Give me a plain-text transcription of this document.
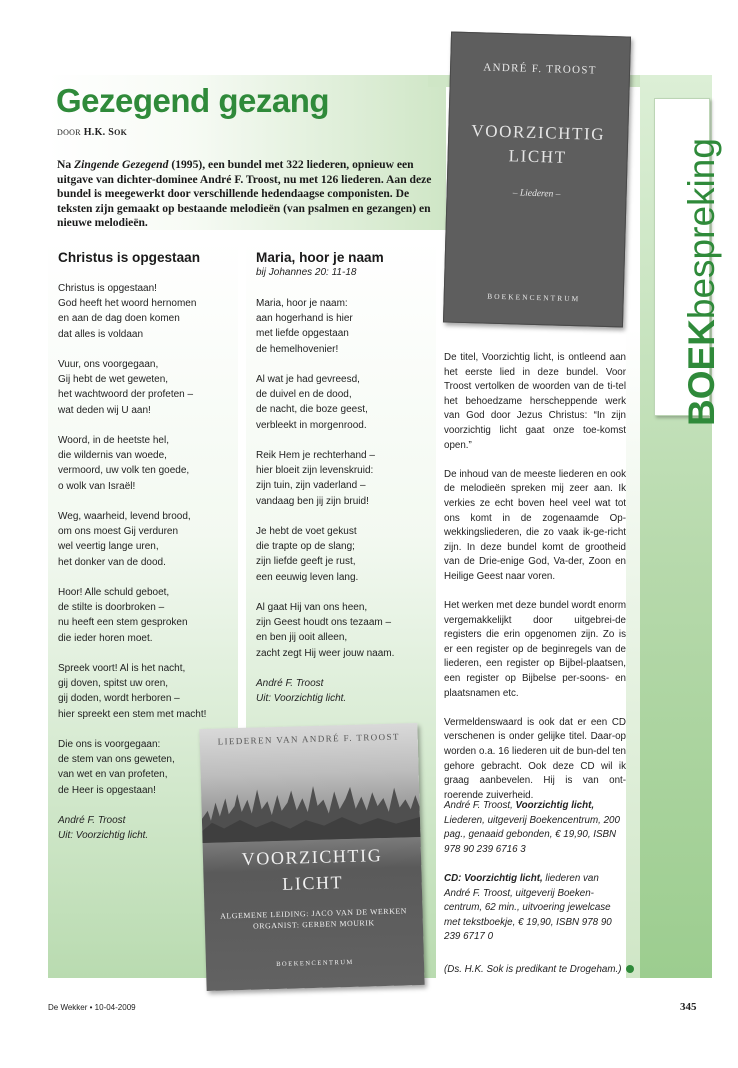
Gezegend gezang
DOOR H.K. SOK

Na Zingende Gezegend (1995), een bundel met 322 liederen, opnieuw een uitgave van dichter-dominee André F. Troost, nu met 126 liederen. Aan deze bundel is meegewerkt door verschillende hedendaagse componisten. De teksten zijn gemaakt op bestaande melodieën (van psalmen en gezangen) en nieuwe melodieën.

Christus is opgestaan
Christus is opgestaan!
God heeft het woord hernomen
en aan de dag doen komen
dat alles is voldaan
Vuur, ons voorgegaan,
Gij hebt de wet geweten,
het wachtwoord der profeten –
wat deden wij U aan!
Woord, in de heetste hel,
die wildernis van woede,
vermoord, uw volk ten goede,
o wolk van Israël!
Weg, waarheid, levend brood,
om ons moest Gij verduren
wel veertig lange uren,
het donker van de dood.
Hoor! Alle schuld geboet,
de stilte is doorbroken –
nu heeft een stem gesproken
die ieder horen moet.
Spreek voort! Al is het nacht,
gij doven, spitst uw oren,
gij doden, wordt herboren –
hier spreekt een stem met macht!
Die ons is voorgegaan:
de stem van ons geweten,
van wet en van profeten,
de Heer is opgestaan!
André F. Troost
Uit: Voorzichtig licht.
Maria, hoor je naam
bij Johannes 20: 11-18
Maria, hoor je naam:
aan hogerhand is hier
met liefde opgestaan
de hemelhovenier!
Al wat je had gevreesd,
de duivel en de dood,
de nacht, die boze geest,
verbleekt in morgenrood.
Reik Hem je rechterhand –
hier bloeit zijn levenskruid:
zijn tuin, zijn vaderland –
vandaag ben jij zijn bruid!
Je hebt de voet gekust
die trapte op de slang;
zijn liefde geeft je rust,
een eeuwig leven lang.
Al gaat Hij van ons heen,
zijn Geest houdt ons tezaam –
en ben jij ooit alleen,
zacht zegt Hij weer jouw naam.
André F. Troost
Uit: Voorzichtig licht.
ANDRÉ F. TROOST
VOORZICHTIG
LICHT
– Liederen –
BOEKENCENTRUM
LIEDEREN VAN ANDRÉ F. TROOST
VOORZICHTIG
LICHT
ALGEMENE LEIDING: JACO VAN DE WERKEN
ORGANIST: GERBEN MOURIK
BOEKENCENTRUM
BOEKbespreking

De titel, Voorzichtig licht, is ontleend aan het eerste lied in deze bundel. Voor Troost vertolken de woorden van de ti-tel het behoedzame herscheppende werk van God door Jezus Christus: “In zijn voorzichtig licht gaat onze toe-komst open.”

De inhoud van de meeste liederen en ook de melodieën spreken mij zeer aan. Ik verkies ze echt boven heel veel wat tot ons komt in de zogenaamde Op-wekkingsliederen, die zo vaak ik-ge-richt zijn. In deze bundel komt de grootheid van de Drie-enige God, Va-der, Zoon en Heilige Geest naar voren.

Het werken met deze bundel wordt enorm vergemakkelijkt door uitgebrei-de registers die erin opgenomen zijn. Zo is er een register op de beginregels van de liederen, een register op Bijbel-plaatsen, een register op Bijbelse per-soons- en plaatsnamen etc.

Vermeldenswaard is ook dat er een CD verschenen is onder gelijke titel. Daar-op worden o.a. 16 liederen uit de bun-del ten gehore gebracht. Ook deze CD wil ik graag aanbevelen. Hij is van ont-roerende zuiverheid.

André F. Troost, Voorzichtig licht, Liederen, uitgeverij Boekencentrum, 200 pag., genaaid gebonden, € 19,90, ISBN 978 90 239 6716 3

CD: Voorzichtig licht, liederen van André F. Troost, uitgeverij Boeken-centrum, 62 min., uitvoering jewelcase met tekstboekje, € 19,90, ISBN 978 90 239 6717 0

(Ds. H.K. Sok is predikant te Drogeham.)
De Wekker • 10-04-2009	345
